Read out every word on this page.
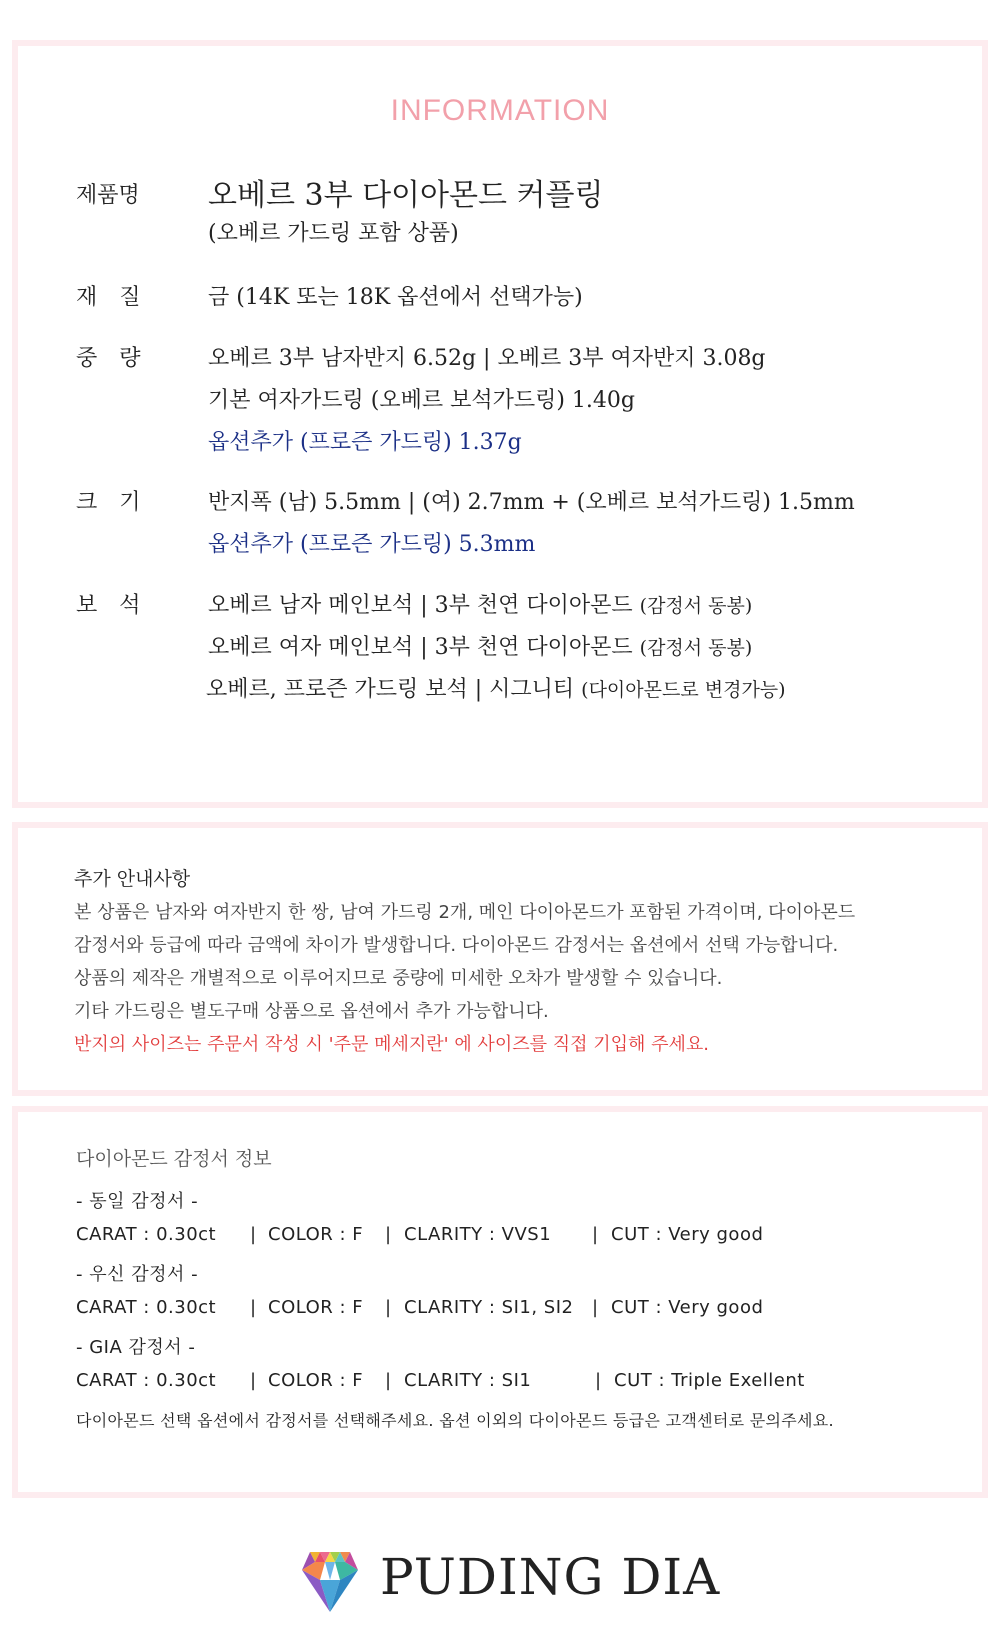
INFORMATION
제품명 오베르 3부 다이아몬드 커플링
(오베르 가드링 포함 상품)
재　질	금 (14K 또는 18K 옵션에서 선택가능)
중　량	오베르 3부 남자반지 6.52g | 오베르 3부 여자반지 3.08g
기본 여자가드링 (오베르 보석가드링) 1.40g
옵션추가 (프로즌 가드링) 1.37g
크　기	반지폭 (남) 5.5mm | (여) 2.7mm + (오베르 보석가드링) 1.5mm
옵션추가 (프로즌 가드링) 5.3mm
보　석	오베르 남자 메인보석 | 3부 천연 다이아몬드 (감정서 동봉)
오베르 여자 메인보석 | 3부 천연 다이아몬드 (감정서 동봉)
오베르, 프로즌 가드링 보석 | 시그니티 (다이아몬드로 변경가능)
추가 안내사항
본 상품은 남자와 여자반지 한 쌍, 남여 가드링 2개, 메인 다이아몬드가 포함된 가격이며, 다이아몬드
감정서와 등급에 따라 금액에 차이가 발생합니다. 다이아몬드 감정서는 옵션에서 선택 가능합니다.
상품의 제작은 개별적으로 이루어지므로 중량에 미세한 오차가 발생할 수 있습니다.
기타 가드링은 별도구매 상품으로 옵션에서 추가 가능합니다.
반지의 사이즈는 주문서 작성 시 '주문 메세지란' 에 사이즈를 직접 기입해 주세요.
다이아몬드 감정서 정보
- 동일 감정서 -
CARAT : 0.30ct | COLOR : F | CLARITY : VVS1 | CUT : Very good
- 우신 감정서 -
CARAT : 0.30ct | COLOR : F | CLARITY : SI1, SI2 | CUT : Very good
- GIA 감정서 -
CARAT : 0.30ct | COLOR : F | CLARITY : SI1	| CUT : Triple Exellent
다이아몬드 선택 옵션에서 감정서를 선택해주세요. 옵션 이외의 다이아몬드 등급은 고객센터로 문의주세요.
PUDING DIA
